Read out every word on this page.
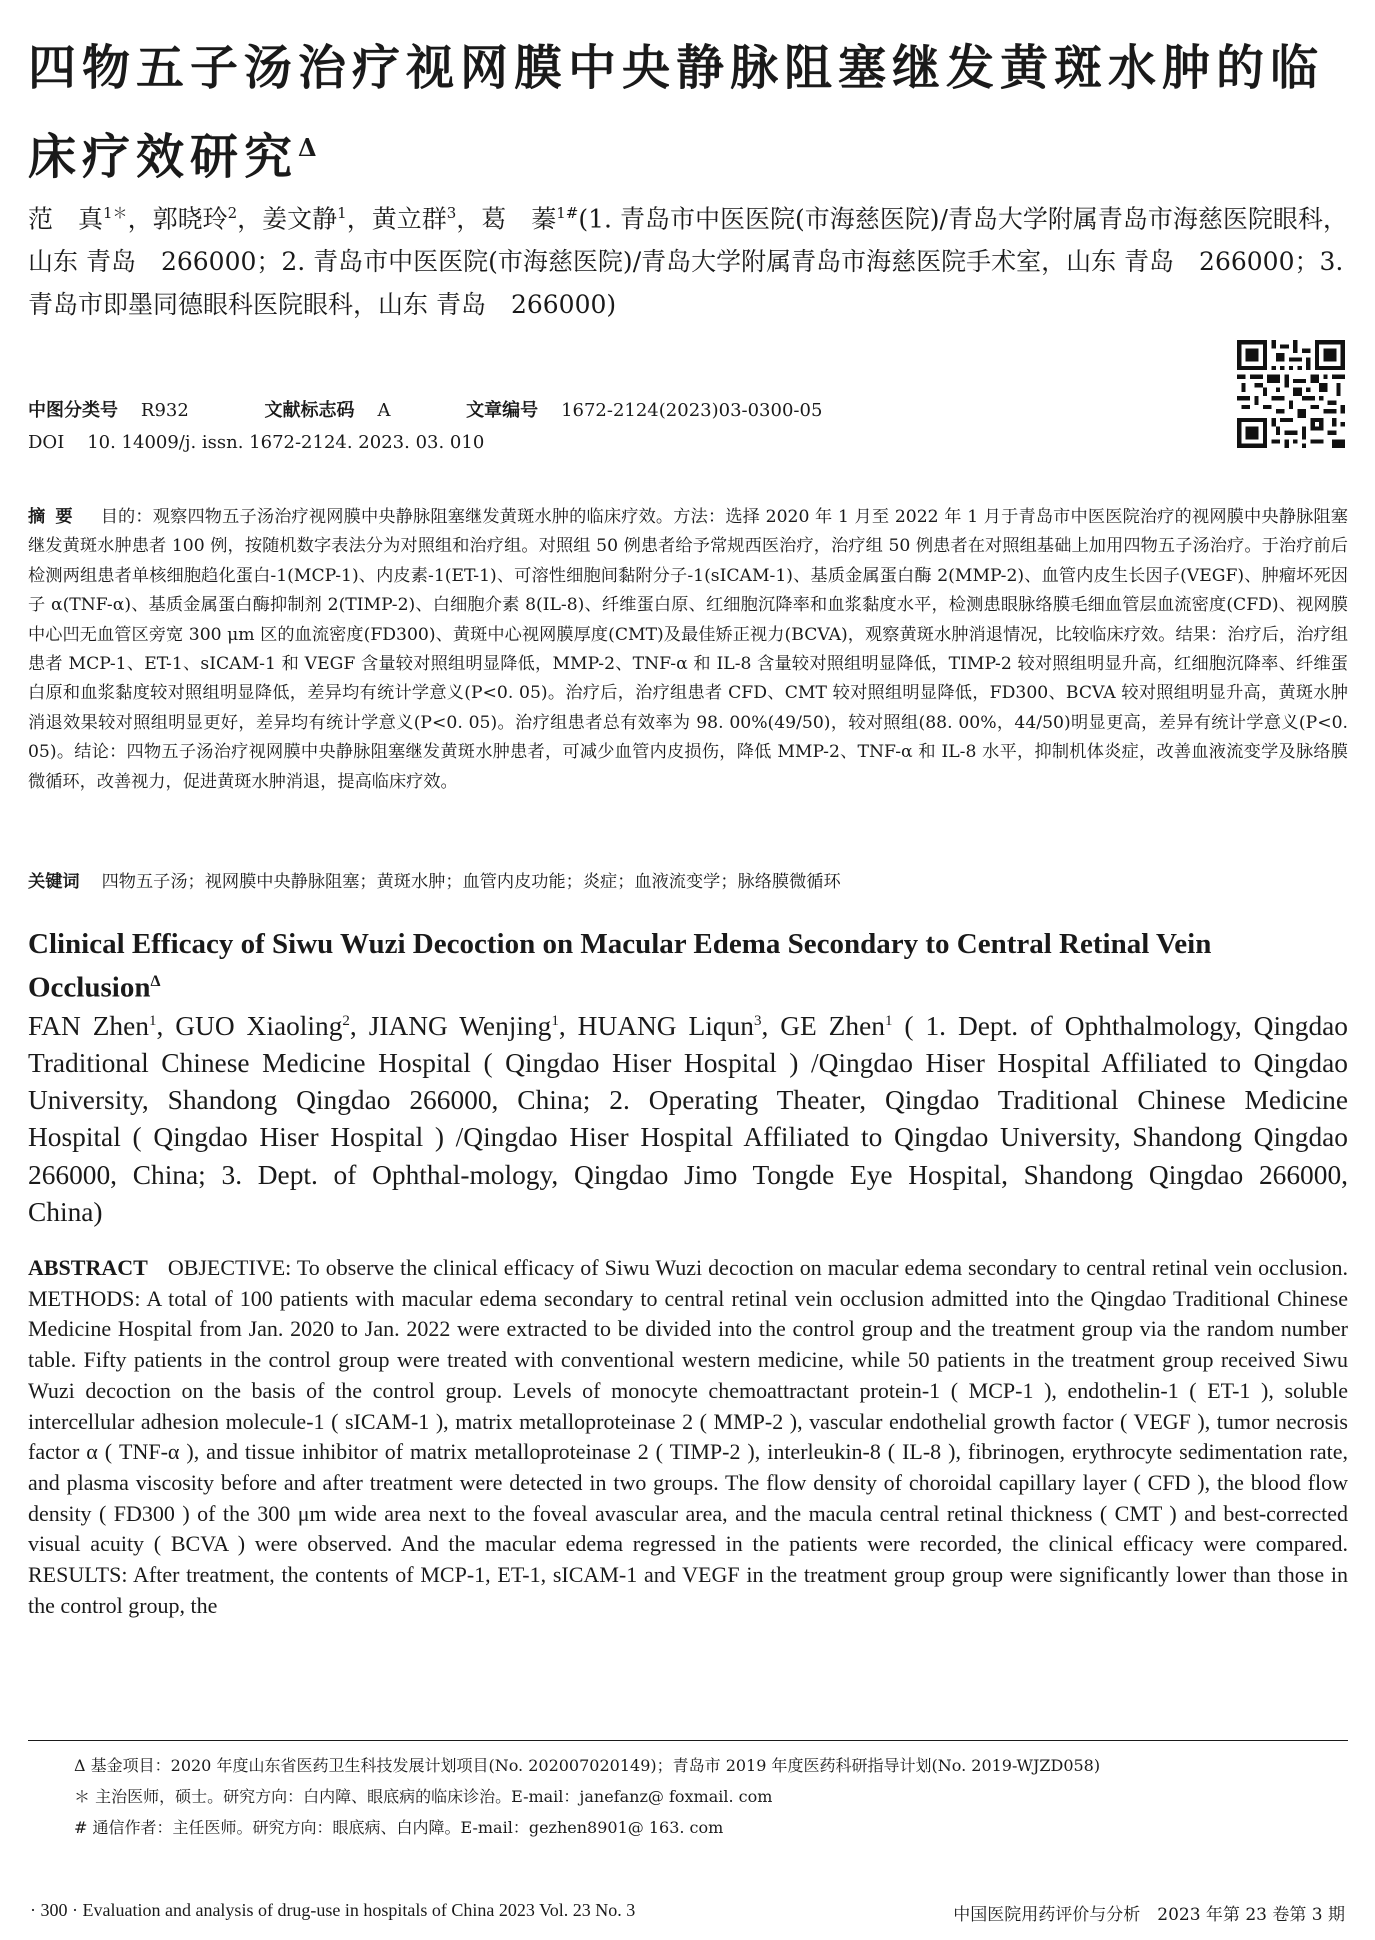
四物五子汤治疗视网膜中央静脉阻塞继发黄斑水肿的临床疗效研究$^\Delta$

范　真$^{1*}$，郭晓玲$^2$，姜文静$^1$，黄立群$^3$，葛　蓁$^{1\#}$(1. 青岛市中医医院(市海慈医院)/青岛大学附属青岛市海慈医院眼科，山东 青岛　266000；2. 青岛市中医医院(市海慈医院)/青岛大学附属青岛市海慈医院手术室，山东 青岛　266000；3. 青岛市即墨同德眼科医院眼科，山东 青岛　266000)

中图分类号 R932	文献标志码 A	文章编号 1672-2124(2023)03-0300-05
DOI 10. 14009/j. issn. 1672-2124. 2023. 03. 010

摘要 目的：观察四物五子汤治疗视网膜中央静脉阻塞继发黄斑水肿的临床疗效。方法：选择 2020 年 1 月至 2022 年 1 月于青岛市中医医院治疗的视网膜中央静脉阻塞继发黄斑水肿患者 100 例，按随机数字表法分为对照组和治疗组。对照组 50 例患者给予常规西医治疗，治疗组 50 例患者在对照组基础上加用四物五子汤治疗。于治疗前后检测两组患者单核细胞趋化蛋白-1(MCP-1)、内皮素-1(ET-1)、可溶性细胞间黏附分子-1(sICAM-1)、基质金属蛋白酶 2(MMP-2)、血管内皮生长因子(VEGF)、肿瘤坏死因子 α(TNF-α)、基质金属蛋白酶抑制剂 2(TIMP-2)、白细胞介素 8(IL-8)、纤维蛋白原、红细胞沉降率和血浆黏度水平，检测患眼脉络膜毛细血管层血流密度(CFD)、视网膜中心凹无血管区旁宽 300 μm 区的血流密度(FD300)、黄斑中心视网膜厚度(CMT)及最佳矫正视力(BCVA)，观察黄斑水肿消退情况，比较临床疗效。结果：治疗后，治疗组患者 MCP-1、ET-1、sICAM-1 和 VEGF 含量较对照组明显降低，MMP-2、TNF-α 和 IL-8 含量较对照组明显降低，TIMP-2 较对照组明显升高，红细胞沉降率、纤维蛋白原和血浆黏度较对照组明显降低，差异均有统计学意义(P<0. 05)。治疗后，治疗组患者 CFD、CMT 较对照组明显降低，FD300、BCVA 较对照组明显升高，黄斑水肿消退效果较对照组明显更好，差异均有统计学意义(P<0. 05)。治疗组患者总有效率为 98. 00%(49/50)，较对照组(88. 00%，44/50)明显更高，差异有统计学意义(P<0. 05)。结论：四物五子汤治疗视网膜中央静脉阻塞继发黄斑水肿患者，可减少血管内皮损伤，降低 MMP-2、TNF-α 和 IL-8 水平，抑制机体炎症，改善血液流变学及脉络膜微循环，改善视力，促进黄斑水肿消退，提高临床疗效。

关键词 四物五子汤；视网膜中央静脉阻塞；黄斑水肿；血管内皮功能；炎症；血液流变学；脉络膜微循环

Clinical Efficacy of Siwu Wuzi Decoction on Macular Edema Secondary to Central Retinal Vein Occlusion$^\Delta$

FAN Zhen$^1$, GUO Xiaoling$^2$, JIANG Wenjing$^1$, HUANG Liqun$^3$, GE Zhen$^1$ ( 1. Dept. of Ophthalmology, Qingdao Traditional Chinese Medicine Hospital ( Qingdao Hiser Hospital ) /Qingdao Hiser Hospital Affiliated to Qingdao University, Shandong Qingdao 266000, China; 2. Operating Theater, Qingdao Traditional Chinese Medicine Hospital ( Qingdao Hiser Hospital ) /Qingdao Hiser Hospital Affiliated to Qingdao University, Shandong Qingdao 266000, China; 3. Dept. of Ophthal-mology, Qingdao Jimo Tongde Eye Hospital, Shandong Qingdao 266000, China)

ABSTRACT OBJECTIVE: To observe the clinical efficacy of Siwu Wuzi decoction on macular edema secondary to central retinal vein occlusion. METHODS: A total of 100 patients with macular edema secondary to central retinal vein occlusion admitted into the Qingdao Traditional Chinese Medicine Hospital from Jan. 2020 to Jan. 2022 were extracted to be divided into the control group and the treatment group via the random number table. Fifty patients in the control group were treated with conventional western medicine, while 50 patients in the treatment group received Siwu Wuzi decoction on the basis of the control group. Levels of monocyte chemoattractant protein-1 ( MCP-1 ), endothelin-1 ( ET-1 ), soluble intercellular adhesion molecule-1 ( sICAM-1 ), matrix metalloproteinase 2 ( MMP-2 ), vascular endothelial growth factor ( VEGF ), tumor necrosis factor α ( TNF-α ), and tissue inhibitor of matrix metalloproteinase 2 ( TIMP-2 ), interleukin-8 ( IL-8 ), fibrinogen, erythrocyte sedimentation rate, and plasma viscosity before and after treatment were detected in two groups. The flow density of choroidal capillary layer ( CFD ), the blood flow density ( FD300 ) of the 300 μm wide area next to the foveal avascular area, and the macula central retinal thickness ( CMT ) and best-corrected visual acuity ( BCVA ) were observed. And the macular edema regressed in the patients were recorded, the clinical efficacy were compared. RESULTS: After treatment, the contents of MCP-1, ET-1, sICAM-1 and VEGF in the treatment group group were significantly lower than those in the control group, the

Δ 基金项目：2020 年度山东省医药卫生科技发展计划项目(No. 202007020149)；青岛市 2019 年度医药科研指导计划(No. 2019-WJZD058)
＊ 主治医师，硕士。研究方向：白内障、眼底病的临床诊治。E-mail：janefanz@ foxmail. com
# 通信作者：主任医师。研究方向：眼底病、白内障。E-mail：gezhen8901@ 163. com
· 300 · Evaluation and analysis of drug-use in hospitals of China 2023 Vol. 23 No. 3	中国医院用药评价与分析　2023 年第 23 卷第 3 期
